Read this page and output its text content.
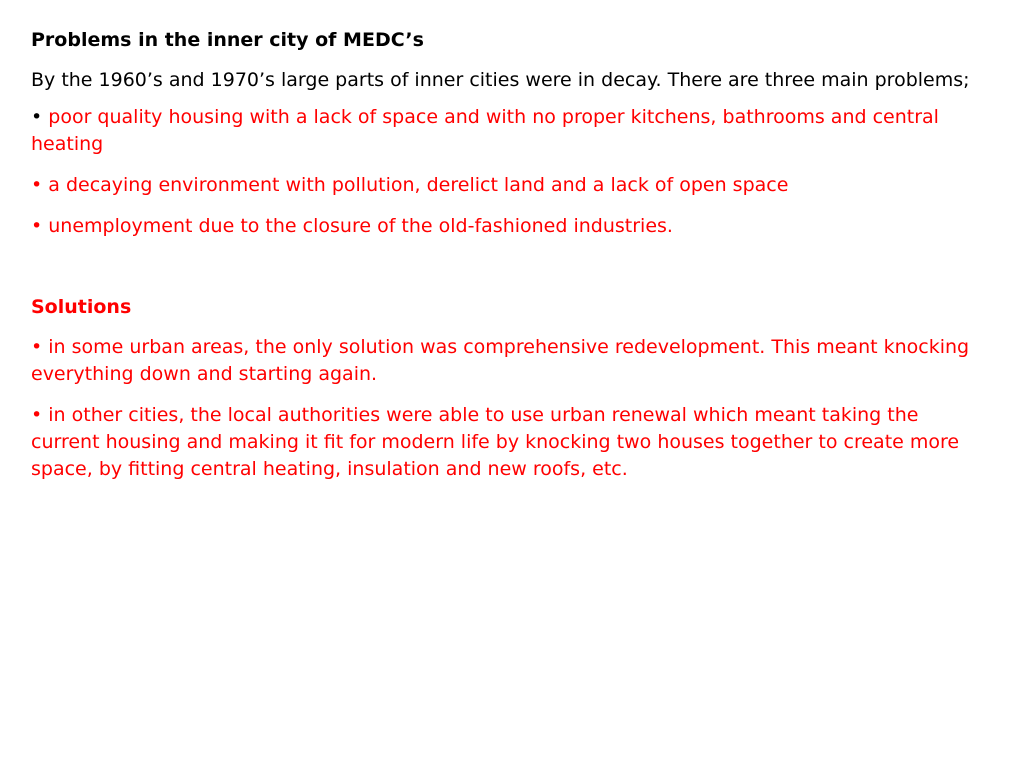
Problems in the inner city of MEDC’s

By the 1960’s and 1970’s large parts of inner cities were in decay. There are three main problems;

• poor quality housing with a lack of space and with no proper kitchens, bathrooms and central heating

• a decaying environment with pollution, derelict land and a lack of open space

• unemployment due to the closure of the old-fashioned industries.

Solutions

• in some urban areas, the only solution was comprehensive redevelopment. This meant knocking everything down and starting again.

• in other cities, the local authorities were able to use urban renewal which meant taking the current housing and making it fit for modern life by knocking two houses together to create more space, by fitting central heating, insulation and new roofs, etc.
